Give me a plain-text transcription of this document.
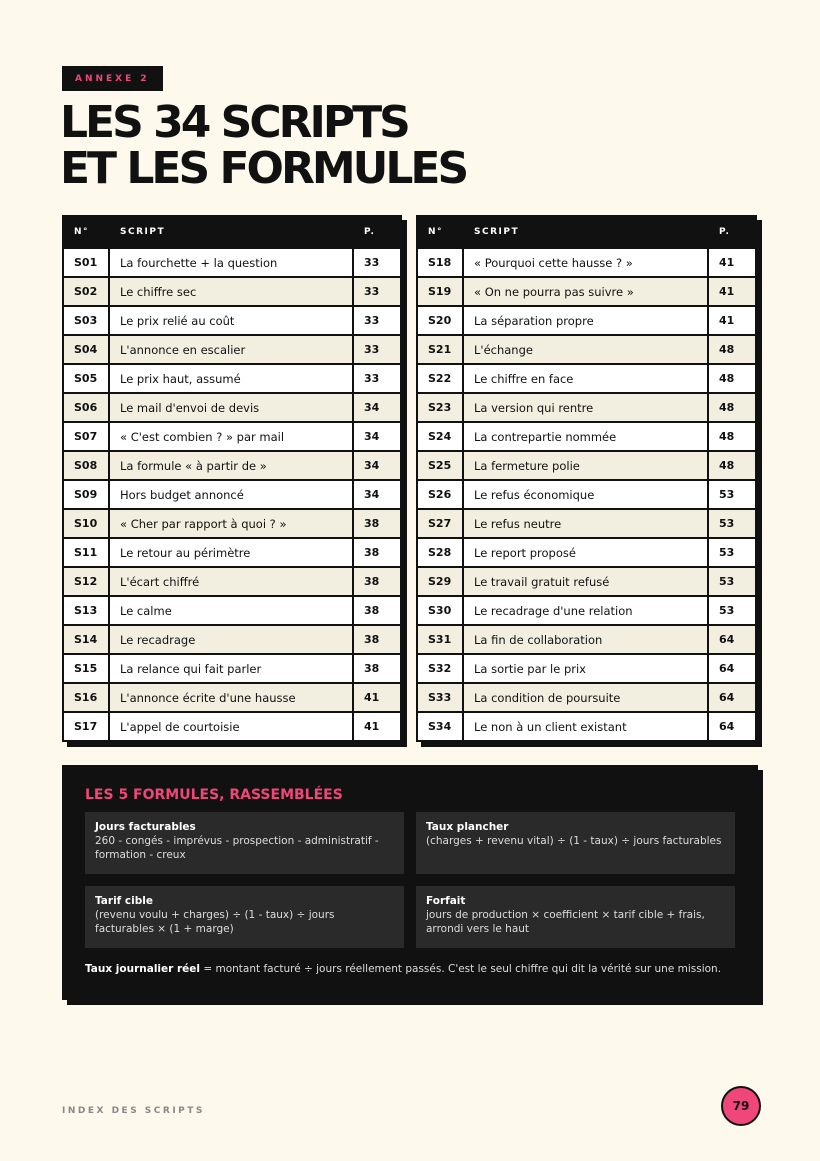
ANNEXE 2
LES 34 SCRIPTS
ET LES FORMULES
N°	SCRIPT	P.
S01	La fourchette + la question	33
S02	Le chiffre sec	33
S03	Le prix relié au coût	33
S04	L'annonce en escalier	33
S05	Le prix haut, assumé	33
S06	Le mail d'envoi de devis	34
S07	« C'est combien ? » par mail	34
S08	La formule « à partir de »	34
S09	Hors budget annoncé	34
S10	« Cher par rapport à quoi ? »	38
S11	Le retour au périmètre	38
S12	L'écart chiffré	38
S13	Le calme	38
S14	Le recadrage	38
S15	La relance qui fait parler	38
S16	L'annonce écrite d'une hausse	41
S17	L'appel de courtoisie	41
N°	SCRIPT	P.
S18	« Pourquoi cette hausse ? »	41
S19	« On ne pourra pas suivre »	41
S20	La séparation propre	41
S21	L'échange	48
S22	Le chiffre en face	48
S23	La version qui rentre	48
S24	La contrepartie nommée	48
S25	La fermeture polie	48
S26	Le refus économique	53
S27	Le refus neutre	53
S28	Le report proposé	53
S29	Le travail gratuit refusé	53
S30	Le recadrage d'une relation	53
S31	La fin de collaboration	64
S32	La sortie par le prix	64
S33	La condition de poursuite	64
S34	Le non à un client existant	64
LES 5 FORMULES, RASSEMBLÉES
Jours facturables
260 - congés - imprévus - prospection - administratif - formation - creux
Taux plancher
(charges + revenu vital) ÷ (1 - taux) ÷ jours facturables
Tarif cible
(revenu voulu + charges) ÷ (1 - taux) ÷ jours facturables × (1 + marge)
Forfait
jours de production × coefficient × tarif cible + frais, arrondi vers le haut

Taux journalier réel = montant facturé ÷ jours réellement passés. C'est le seul chiffre qui dit la vérité sur une mission.

INDEX DES SCRIPTS	79
